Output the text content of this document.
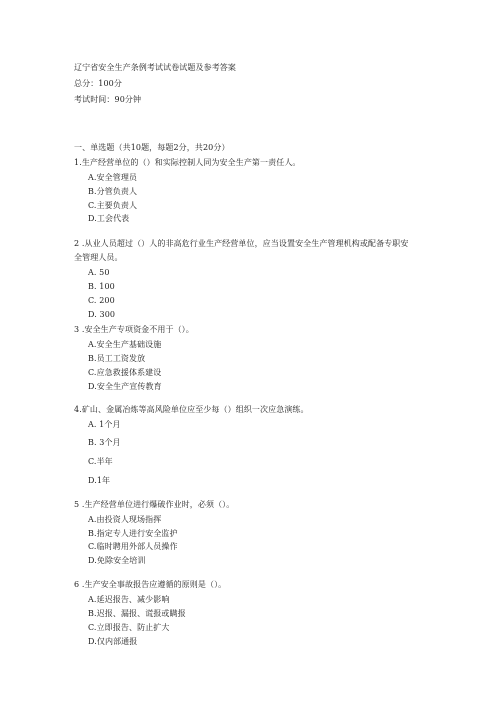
辽宁省安全生产条例考试试卷试题及参考答案
总分：100分
考试时间：90分钟
一、单选题（共10题，每题2分，共20分）
1.生产经营单位的（）和实际控制人同为安全生产第一责任人。
A.安全管理员
B.分管负责人
C.主要负责人
D.工会代表
2 .从业人员超过（）人的非高危行业生产经营单位，应当设置安全生产管理机构或配备专职安
全管理人员。
A. 50
B. 100
C. 200
D. 300
3 .安全生产专项资金不用于（）。
A.安全生产基础设施
B.员工工资发放
C.应急救援体系建设
D.安全生产宣传教育
4.矿山、金属冶炼等高风险单位应至少每（）组织一次应急演练。
A. 1个月
B. 3个月
C.半年
D.1年
5 .生产经营单位进行爆破作业时，必须（）。
A.由投资人现场指挥
B.指定专人进行安全监护
C.临时聘用外部人员操作
D.免除安全培训
6 .生产安全事故报告应遵循的原则是（）。
A.延迟报告、减少影响
B.迟报、漏报、谎报或瞒报
C.立即报告、防止扩大
D.仅内部通报
